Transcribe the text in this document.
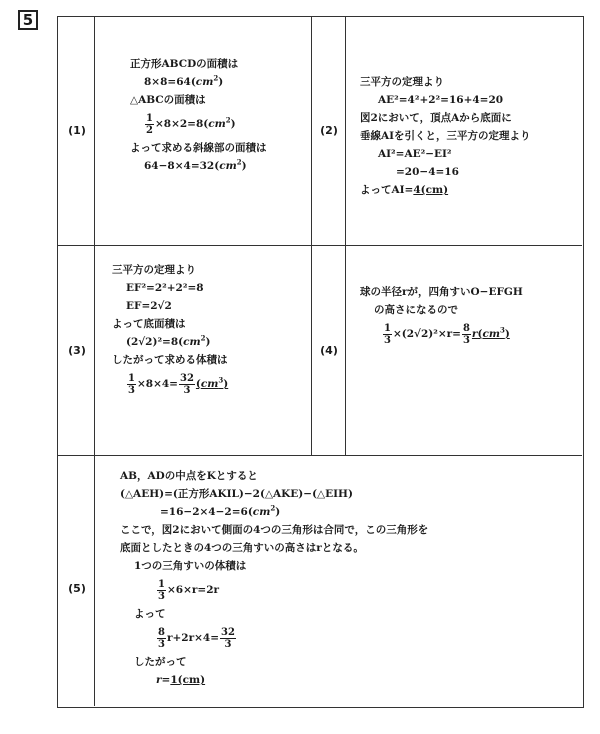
5
(1)	(2)
(3)	(4)
(5)
正方形ABCDの面積は
$8\times 8=64(cm^2)$
△ABCの面積は
$\frac{1}{2} \times 8\times 2=8(cm^2)$
よって求める斜線部の面積は
$64-8\times 4=32(cm^2)$
三平方の定理より
AE²=4²+2²=16+4=20
図2において，頂点Aから底面に
垂線AIを引くと，三平方の定理より
AI²=AE²−EI²
=20−4=16
よってAI=4(cm)
三平方の定理より
EF²=2²+2²=8
EF=2√2
よって底面積は
$(2√2)^2=8(cm^2)$
したがって求める体積は
$\frac{1}{3} \times 8\times 4= \frac{32}{3} (cm^3)$
球の半径rが，四角すいO−EFGH
の高さになるので
$\frac{1}{3} \times(2√2)^2\times r= \frac{8}{3} r(cm^3)$
AB，ADの中点をKとすると
(△AEH)=(正方形AKIL)−2(△AKE)−(△EIH)
$=16-2\times 4-2=6(cm^2)$
ここで，図2において側面の4つの三角形は合同で，この三角形を
底面としたときの4つの三角すいの高さはrとなる。
1つの三角すいの体積は
$\frac{1}{3} \times 6\times r=2r$
よって
$\frac{8}{3} r+2r\times 4= \frac{32}{3}$
したがって
r=1(cm)
